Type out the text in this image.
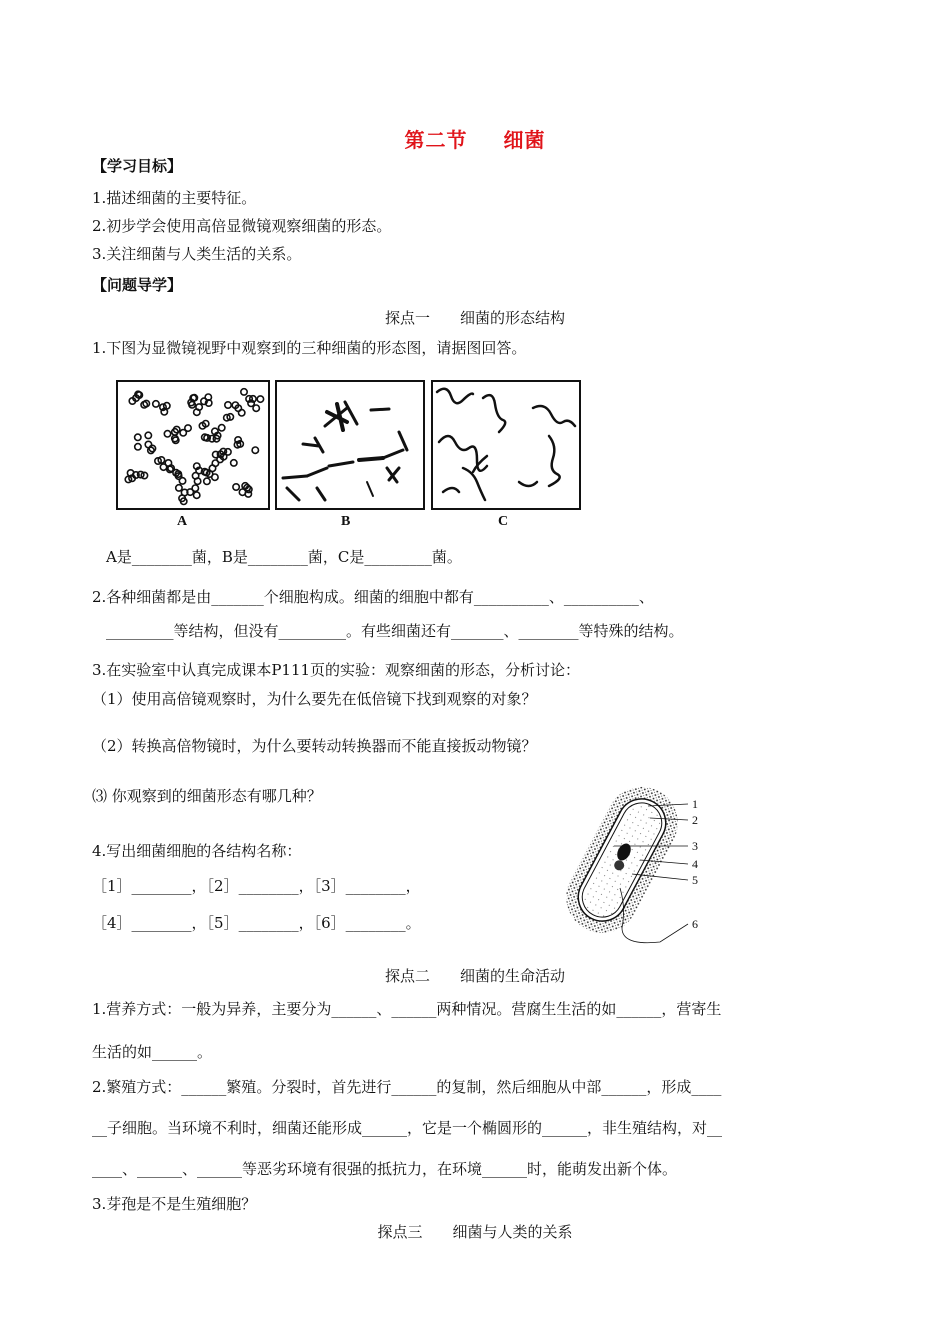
第二节 细菌
【学习目标】
1.描述细菌的主要特征。
2.初步学会使用高倍显微镜观察细菌的形态。
3.关注细菌与人类生活的关系。
【问题导学】
探点一 细菌的形态结构
1.下图为显微镜视野中观察到的三种细菌的形态图，请据图回答。
A	B	C
A是________菌，B是________菌，C是_________菌。
2.各种细菌都是由_______个细胞构成。细菌的细胞中都有__________、__________、
_________等结构，但没有_________。有些细菌还有_______、________等特殊的结构。
3.在实验室中认真完成课本P111页的实验：观察细菌的形态，分析讨论：
（1）使用高倍镜观察时，为什么要先在低倍镜下找到观察的对象？
（2）转换高倍物镜时，为什么要转动转换器而不能直接扳动物镜？
⑶ 你观察到的细菌形态有哪几种？
4.写出细菌细胞的各结构名称：
［1］________，［2］________，［3］________，
［4］________，［5］________，［6］________。
1
2
3
4
5
6
探点二 细菌的生命活动
1.营养方式：一般为异养，主要分为______、______两种情况。营腐生生活的如______，营寄生
生活的如______。
2.繁殖方式：______繁殖。分裂时，首先进行______的复制，然后细胞从中部______，形成____
__子细胞。当环境不利时，细菌还能形成______，它是一个椭圆形的______，非生殖结构，对__
____、______、______等恶劣环境有很强的抵抗力，在环境______时，能萌发出新个体。
3.芽孢是不是生殖细胞？
探点三 细菌与人类的关系
